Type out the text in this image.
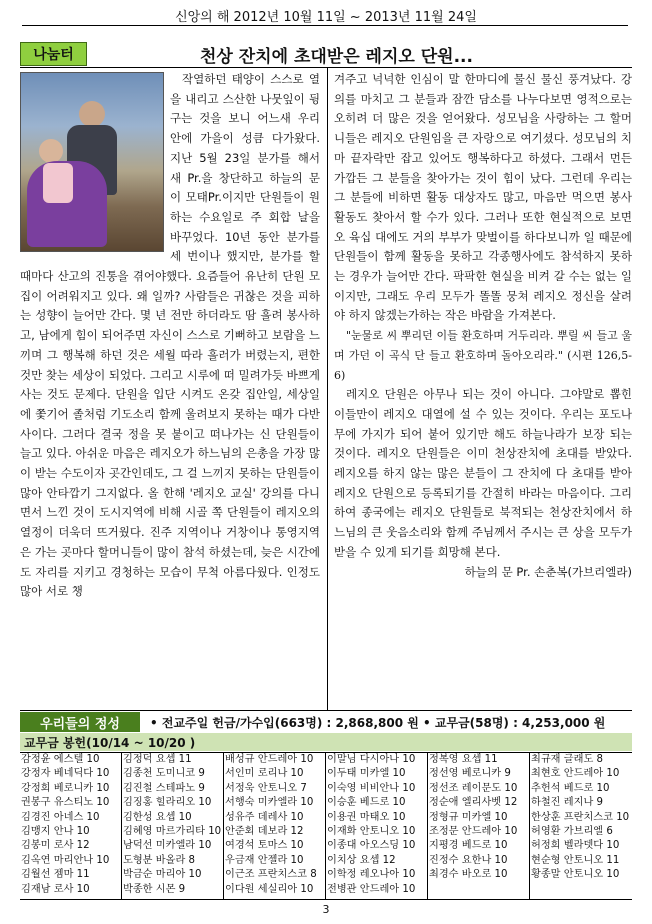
신앙의 해 2012년 10월 11일 ~ 2013년 11월 24일
나눔터	천상 잔치에 초대받은 레지오 단원...

작열하던 태양이 스스로 열을 내리고 스산한 나뭇잎이 뒹구는 것을 보니 어느새 우리 안에 가을이 성큼 다가왔다. 지난 5월 23일 분가를 해서 새 Pr.을 창단하고 하늘의 문이 모태Pr.이지만 단원들이 원하는 수요일로 주 회합 날을 바꾸었다. 10년 동안 분가를 세 번이나 했지만, 분가를 할 때마다 산고의 진통을 겪어야했다. 요즘들어 유난히 단원 모집이 어려워지고 있다. 왜 일까? 사람들은 귀찮은 것을 피하는 성향이 늘어만 간다. 몇 년 전만 하더라도 땀 흘려 봉사하고, 남에게 힘이 되어주면 자신이 스스로 기뻐하고 보람을 느끼며 그 행복해 하던 것은 세월 따라 흘러가 버렸는지, 편한 것만 찾는 세상이 되었다. 그리고 시루에 떠 밀려가듯 바쁘게 사는 것도 문제다. 단원을 입단 시켜도 온갖 집안일, 세상일에 쫓기어 졸처럼 기도소리 함께 울려보지 못하는 때가 다반사이다. 그러다 결국 정을 못 붙이고 떠나가는 신 단원들이 늘고 있다. 아쉬운 마음은 레지오가 하느님의 은총을 가장 많이 받는 수도이자 곳간인데도, 그 걸 느끼지 못하는 단원들이 많아 안타깝기 그지없다. 올 한해 '레지오 교실' 강의를 다니면서 느낀 것이 도시지역에 비해 시골 쪽 단원들이 레지오의 열정이 더욱더 뜨거웠다. 진주 지역이나 거창이나 통영지역은 가는 곳마다 할머니들이 많이 참석 하셨는데, 늦은 시간에도 자리를 지키고 경청하는 모습이 무척 아름다웠다. 인정도 많아 서로 챙

겨주고 넉넉한 인심이 말 한마디에 물신 물신 풍겨났다. 강의를 마치고 그 분들과 잠깐 담소를 나누다보면 영적으로는 오히려 더 많은 것을 얻어왔다. 성모님을 사랑하는 그 할머니들은 레지오 단원임을 큰 자랑으로 여기셨다. 성모님의 치마 끝자락만 잡고 있어도 행복하다고 하셨다. 그래서 먼든 가깝든 그 분들을 찾아가는 것이 힘이 났다. 그런데 우리는 그 분들에 비하면 활동 대상자도 많고, 마음만 먹으면 봉사활동도 찾아서 할 수가 있다. 그러나 또한 현실적으로 보면 오 육십 대에도 거의 부부가 맞벌이를 하다보니까 일 때문에 단원들이 함께 활동을 못하고 각종행사에도 참석하지 못하는 경우가 늘어만 간다. 팍팍한 현실을 비켜 갈 수는 없는 일이지만, 그래도 우리 모두가 똘똘 뭉쳐 레지오 정신을 살려야 하지 않겠는가하는 작은 바람을 가져본다.

"눈물로 씨 뿌리던 이들 환호하며 거두리라. 뿌릴 씨 들고 울며 가던 이 곡식 단 들고 환호하며 돌아오리라." (시편 126,5-6)

레지오 단원은 아무나 되는 것이 아니다. 그야말로 뽑힌 이들만이 레지오 대열에 설 수 있는 것이다. 우리는 포도나무에 가지가 되어 붙어 있기만 해도 하늘나라가 보장 되는 것이다. 레지오 단원들은 이미 천상잔치에 초대를 받았다. 레지오를 하지 않는 많은 분들이 그 잔치에 다 초대를 받아 레지오 단원으로 등록되기를 간절히 바라는 마음이다. 그리하여 종국에는 레지오 단원들로 북적되는 천상잔치에서 하느님의 큰 웃음소리와 함께 주님께서 주시는 큰 상을 모두가 받을 수 있게 되기를 희망해 본다.

하늘의 문 Pr. 손춘복(가브리엘라)

우리들의 정성	• 전교주일 헌금/가수입(663명) : 2,868,800 원 • 교무금(58명) : 4,253,000 원
교무금 봉헌(10/14 ~ 10/20 )
감정윤 에스텔 10
강정자 베네딕다 10
강정희 베로니카 10
권봉구 유스티노 10
김경진 아네스 10
김맹지 안나 10
김봉미 로사 12
김옥연 마리안나 10
김월선 젬마 11
김재남 로사 10
김정덕 요셉 11
김종천 도미니코 9
김진철 스테파노 9
김징홍 힐라리오 10
김한성 요셉 10
김혜영 마르가리타 10
남덕선 미카엘라 10
도형분 바올라 8
박금순 마리아 10
박종한 시몬 9
배성규 안드레아 10
서인미 로리나 10
서정욱 안토니오 7
서행숙 미카엘라 10
성유주 데레사 10
안준회 데보라 12
여경석 토마스 10
우금재 안젤라 10
이근조 프란치스코 8
이다원 세실리아 10
이말님 다시아나 10
이두태 미카엘 10
이숙영 비비안나 10
이승훈 베드로 10
이용권 마태오 10
이재화 안토니오 10
이종대 아오스딩 10
이치상 요셉 12
이학정 레오나아 10
전병관 안드레아 10
정복영 요셉 11
정선영 베로니카 9
정선조 레이문도 10
정순애 엘리사벳 12
정형규 미카엘 10
조정문 안드레아 10
지평경 베드로 10
진정수 요한나 10
최경수 바오로 10
최규재 글래도 8
최현호 안드레아 10
추헌석 베드로 10
하철진 레지나 9
한상훈 프란치스코 10
허영환 가브리엘 6
허정희 벨라뎃다 10
현순형 안토니오 11
황종말 안토니오 10
3
